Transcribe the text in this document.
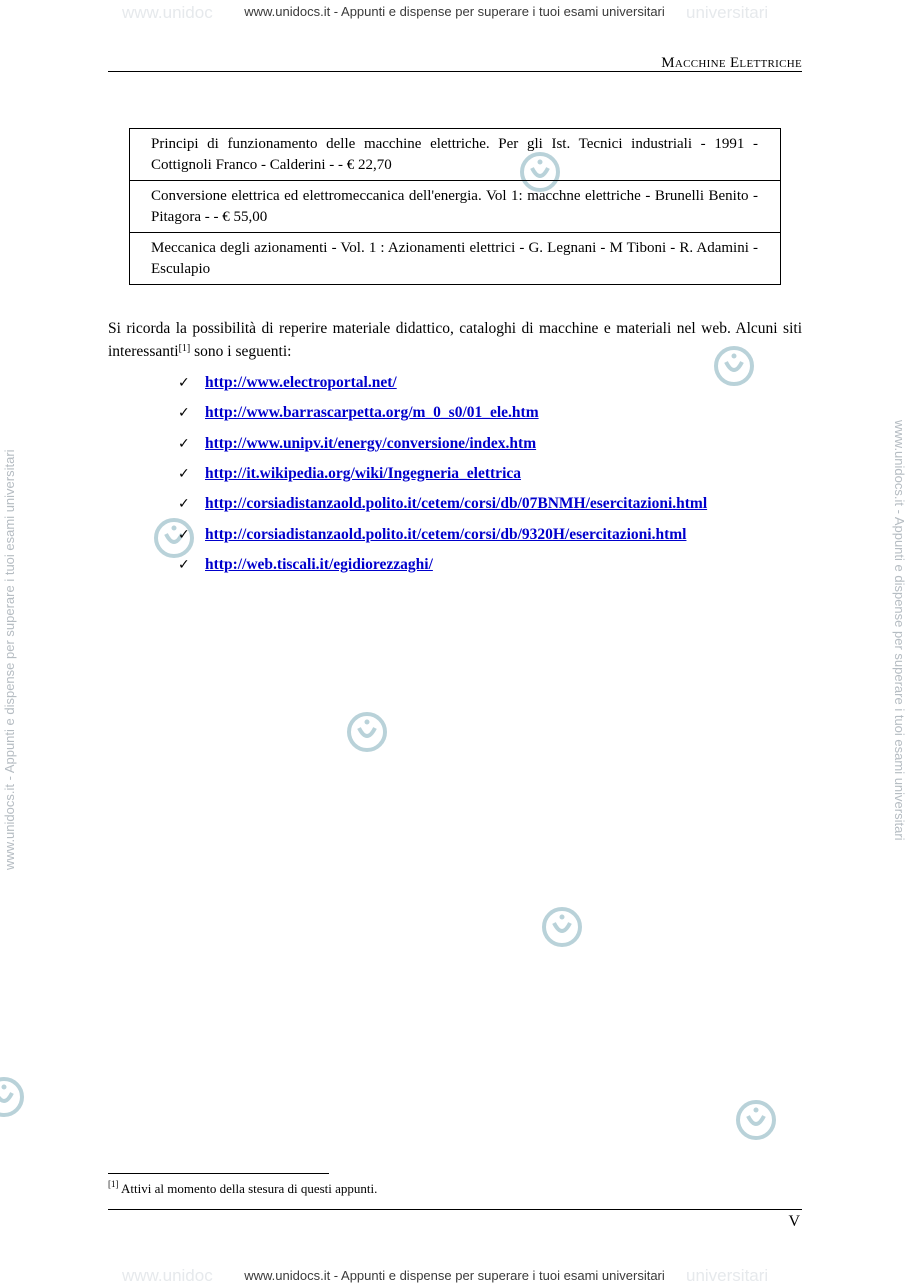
www.unidoc	universitari
www.unidocs.it - Appunti e dispense per superare i tuoi esami universitari
www.unidoc	universitari
www.unidocs.it - Appunti e dispense per superare i tuoi esami universitari
www.unidocs.it - Appunti e dispense per superare i tuoi esami universitari	www.unidocs.it - Appunti e dispense per superare i tuoi esami universitari
Macchine Elettriche
Principi di funzionamento delle macchine elettriche. Per gli Ist. Tecnici industriali - 1991 - Cottignoli Franco - Calderini - - € 22,70
Conversione elettrica ed elettromeccanica dell'energia. Vol 1: macchne elettriche - Brunelli Benito - Pitagora - - € 55,00
Meccanica degli azionamenti - Vol. 1 : Azionamenti elettrici - G. Legnani - M Tiboni - R. Adamini - Esculapio

Si ricorda la possibilità di reperire materiale didattico, cataloghi di macchine e materiali nel web. Alcuni siti interessanti[1] sono i seguenti:

✓ http://www.electroportal.net/
✓ http://www.barrascarpetta.org/m_0_s0/01_ele.htm
✓ http://www.unipv.it/energy/conversione/index.htm
✓ http://it.wikipedia.org/wiki/Ingegneria_elettrica
✓ http://corsiadistanzaold.polito.it/cetem/corsi/db/07BNMH/esercitazioni.html
✓ http://corsiadistanzaold.polito.it/cetem/corsi/db/9320H/esercitazioni.html
✓ http://web.tiscali.it/egidiorezzaghi/
[1] Attivi al momento della stesura di questi appunti.
V
